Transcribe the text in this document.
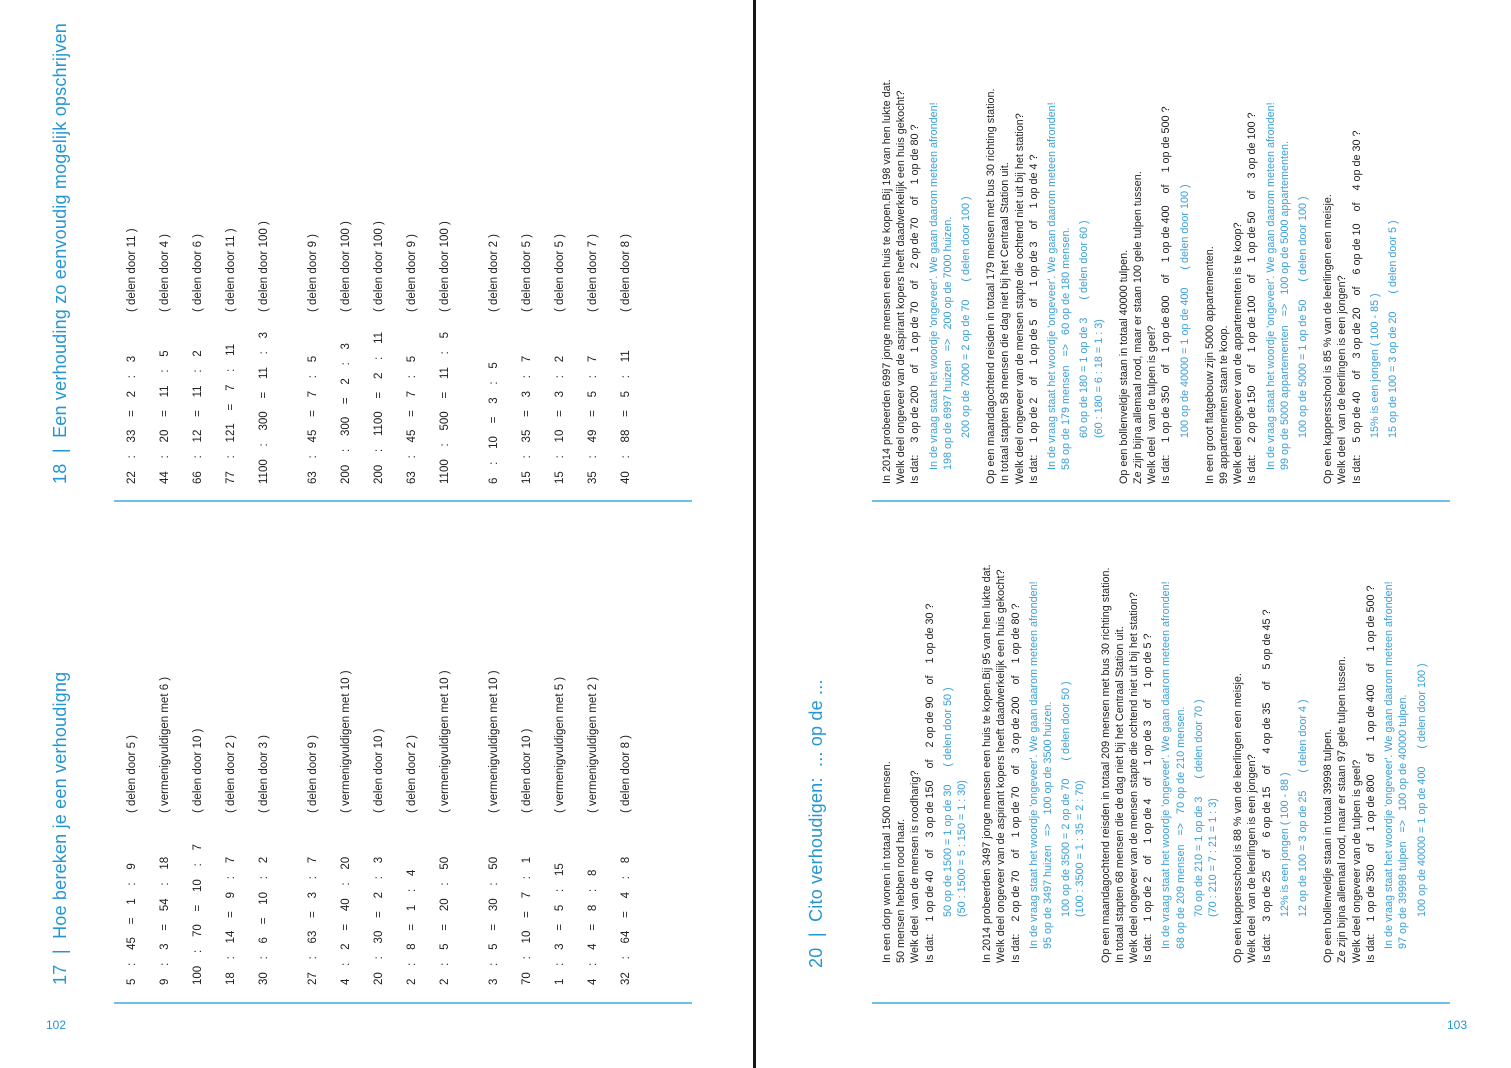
17  |  Hoe bereken je een verhoudigng	5    :    45    =    1    :    9( delen door 5 )
9    :    3    =    54    :    18( vermenigvuldigen met 6 )
100    :    70    =    10    :    7( delen door 10 )
18    :    14    =    9    :    7( delen door 2 )
30    :    6    =    10    :    2( delen door 3 )
27    :    63    =    3    :    7( delen door 9 )
4    :    2    =    40    :    20( vermenigvuldigen met 10 )
20    :    30    =    2    :    3( delen door 10 )
2    :    8    =    1    :    4( delen door 2 )
2    :    5    =    20    :    50( vermenigvuldigen met 10 )
3    :    5    =    30    :    50( vermenigvuldigen met 10 )
70    :    10    =    7    :    1( delen door 10 )
1    :    3    =    5    :    15( vermenigvuldigen met 5 )
4    :    4    =    8    :    8( vermenigvuldigen met 2 )
32    :    64    =    4    :    8( delen door 8 )
18  |  Een verhouding zo eenvoudig mogelijk opschrijven	22    :    33    =    2    :    3( delen door 11 )
44    :    20    =    11    :    5( delen door 4 )
66    :    12    =    11    :    2( delen door 6 )
77    :    121    =    7    :    11( delen door 11 )
1100    :    300    =    11    :    3( delen door 100 )
63    :    45    =    7    :    5( delen door 9 )
200    :    300    =    2    :    3( delen door 100 )
200    :    1100    =    2    :    11( delen door 100 )
63    :    45    =    7    :    5( delen door 9 )
1100    :    500    =    11    :    5( delen door 100 )
6    :    10    =    3    :    5( delen door 2 )
15    :    35    =    3    :    7( delen door 5 )
15    :    10    =    3    :    2( delen door 5 )
35    :    49    =    5    :    7( delen door 7 )
40    :    88    =    5    :    11( delen door 8 )
102
20  |  Cito verhoudigen:  ... op de ...	In een dorp wonen in totaal 1500 mensen. 50 mensen hebben rood haar. Welk deel  van de mensen is roodharig? Is dat:    1 op de 40    of    3 op de 150    of    2 op de 90    of    1 op de 30 ? 50 op de 1500 = 1 op de 30      ( delen door 50 ) (50 : 1500 = 5 : 150 = 1 : 30) In 2014 probeerden 3497 jonge mensen een huis te kopen.Bij 95 van hen lukte dat. Welk deel ongeveer van de aspirant kopers heeft daadwerkelijk een huis gekocht? Is dat:    2 op de 70    of    1 op de 70    of    3 op de 200    of    1 op de 80 ? In de vraag staat het woordje 'ongeveer'. We gaan daarom meteen afronden! 95 op de 3497 huizen   =>   100 op de 3500 huizen. 100 op de 3500 = 2 op de 70      ( delen door 50 ) (100 : 3500 = 1 : 35 = 2 : 70) Op een maandagochtend reisden in totaal 209 mensen met bus 30 richting station. In totaal stapten 68 mensen die de dag niet bij het Centraal Station uit. Welk deel ongeveer van de mensen stapte die ochtend niet uit bij het station? Is dat:    1 op de 2    of    1 op de 4    of    1 op de 3    of    1 op de 5 ? In de vraag staat het woordje 'ongeveer'. We gaan daarom meteen afronden! 68 op de 209 mensen   =>   70 op de 210 mensen. 70 op de 210 = 1 op de 3      ( delen door 70 ) (70 : 210 = 7 : 21 = 1 : 3) Op een kappersschool is 88 % van de leerlingen een meisje. Welk deel  van de leerlingen is een jongen? Is dat:    3 op de 25    of    6 op de 15    of    4 op de 35    of    5 op de 45 ? 12% is een jongen ( 100 - 88 ) 12 op de 100 = 3 op de 25      ( delen door 4 ) Op een bollenveldje staan in totaal 39998 tulpen. Ze zijn bijna allemaal rood, maar er staan 97 gele tulpen tussen. Welk deel ongeveer van de tulpen is geel? Is dat:    1 op de 350    of    1 op de 800    of    1 op de 400    of    1 op de 500 ? In de vraag staat het woordje 'ongeveer'. We gaan daarom meteen afronden! 97 op de 39998 tulpen   =>   100 op de 40000 tulpen. 100 op de 40000 = 1 op de 400      ( delen door 100 )
In 2014 probeerden 6997 jonge mensen een huis te kopen.Bij 198 van hen lukte dat. Welk deel ongeveer van de aspirant kopers heeft daadwerkelijk een huis gekocht? Is dat:    3 op de 200    of    1 op de 70    of    2 op de 70    of    1 op de 80 ? In de vraag staat het woordje 'ongeveer'. We gaan daarom meteen afronden! 198 op de 6997 huizen   =>   200 op de 7000 huizen. 200 op de 7000 = 2 op de 70      ( delen door 100 ) Op een maandagochtend reisden in totaal 179 mensen met bus 30 richting station. In totaal stapten 58 mensen die dag niet bij het Centraal Station uit. Welk deel ongeveer van de mensen stapte die ochtend niet uit bij het station? Is dat:    1 op de 2    of    1 op de 5    of    1 op de 3    of    1 op de 4 ? In de vraag staat het woordje 'ongeveer'. We gaan daarom meteen afronden! 58 op de 179 mensen   =>   60 op de 180 mensen. 60 op de 180 = 1 op de 3      ( delen door 60 ) (60 : 180 = 6 : 18 = 1 : 3) Op een bollenveldje staan in totaal 40000 tulpen. Ze zijn bijna allemaal rood, maar er staan 100 gele tulpen tussen. Welk deel  van de tulpen is geel? Is dat:    1 op de 350    of    1 op de 800    of    1 op de 400    of    1 op de 500 ? 100 op de 40000 = 1 op de 400      ( delen door 100 ) In een groot flatgebouw zijn 5000 appartementen. 99 appartementen staan te koop. Welk deel ongeveer van de appartementen is te koop? Is dat:    2 op de 150    of    1 op de 100    of    1 op de 50    of    3 op de 100 ? In de vraag staat het woordje 'ongeveer'. We gaan daarom meteen afronden! 99 op de 5000 appartementen   =>   100 op de 5000 appartementen. 100 op de 5000 = 1 op de 50      ( delen door 100 ) Op een kappersschool is 85 % van de leerlingen een meisje. Welk deel  van de leerlingen is een jongen? Is dat:    5 op de 40    of    3 op de 20    of    6 op de 10    of    4 op de 30 ? 15% is een jongen ( 100 - 85 ) 15 op de 100 = 3 op de 20      ( delen door 5 )
103
